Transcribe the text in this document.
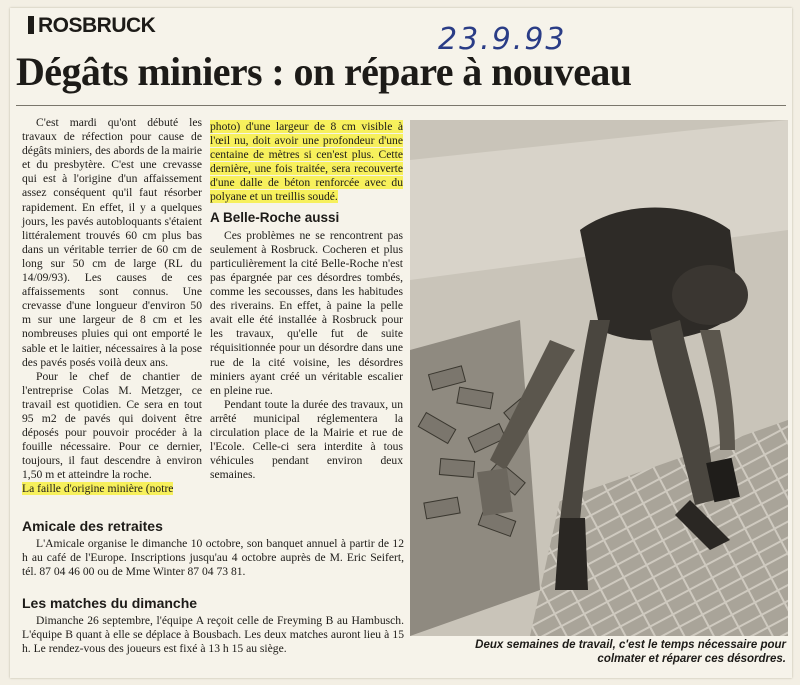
ROSBRUCK	23.9.93
Dégâts miniers : on répare à nouveau

C'est mardi qu'ont débuté les travaux de réfection pour cause de dégâts miniers, des abords de la mairie et du presbytère. C'est une crevasse qui est à l'origine d'un affaissement assez conséquent qu'il faut résorber rapidement. En effet, il y a quelques jours, les pavés autobloquants s'étaient littéralement trouvés 60 cm plus bas dans un véritable terrier de 60 cm de long sur 50 cm de large (RL du 14/09/93). Les causes de ces affaissements sont connus. Une crevasse d'une longueur d'environ 50 m sur une largeur de 8 cm et les nombreuses pluies qui ont emporté le sable et le laitier, nécessaires à la pose des pavés posés voilà deux ans.

Pour le chef de chantier de l'entreprise Colas M. Metzger, ce travail est quotidien. Ce sera en tout 95 m2 de pavés qui doivent être déposés pour pouvoir procéder à la fouille nécessaire. Pour ce dernier, toujours, il faut descendre à environ 1,50 m et atteindre la roche.

La faille d'origine minière (notre

photo) d'une largeur de 8 cm visible à l'œil nu, doit avoir une profondeur d'une centaine de mètres si cen'est plus. Cette dernière, une fois traitée, sera recouverte d'une dalle de béton renforcée avec du polyane et un treillis soudé.

A Belle-Roche aussi

Ces problèmes ne se rencontrent pas seulement à Rosbruck. Cocheren et plus particulièrement la cité Belle-Roche n'est pas épargnée par ces désordres tombés, comme les secousses, dans les habitudes des riverains. En effet, à paine la pelle avait elle été installée à Rosbruck pour les travaux, qu'elle fut de suite réquisitionnée pour un désordre dans une rue de la cité voisine, les désordres miniers ayant créé un véritable escalier en pleine rue.

Pendant toute la durée des travaux, un arrêté municipal réglementera la circulation place de la Mairie et rue de l'Ecole. Celle-ci sera interdite à tous véhicules pendant environ deux semaines.

Amicale des retraites

L'Amicale organise le dimanche 10 octobre, son banquet annuel à partir de 12 h au café de l'Europe. Inscriptions jusqu'au 4 octobre auprès de M. Eric Seifert, tél. 87 04 46 00 ou de Mme Winter 87 04 73 81.

Les matches du dimanche

Dimanche 26 septembre, l'équipe A reçoit celle de Freyming B au Hambusch. L'équipe B quant à elle se déplace à Bousbach. Les deux matches auront lieu à 15 h. Le rendez-vous des joueurs est fixé à 13 h 15 au siège.	Deux semaines de travail, c'est le temps nécessaire pour
colmater et réparer ces désordres.
